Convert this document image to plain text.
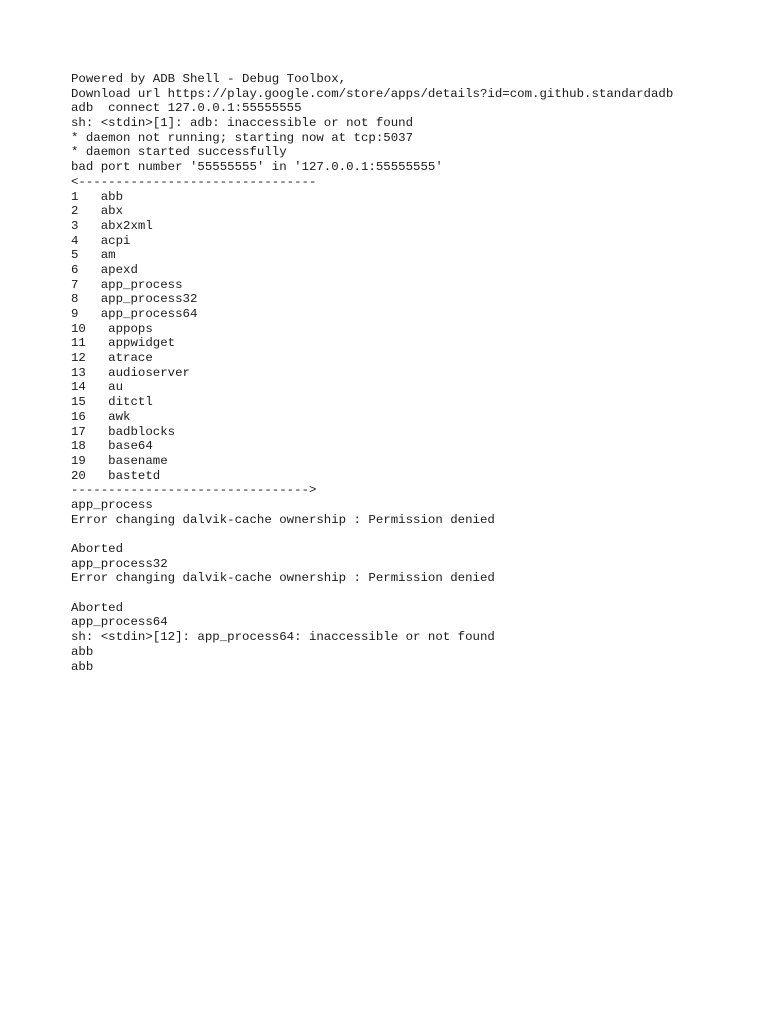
Powered by ADB Shell - Debug Toolbox,
Download url https://play.google.com/store/apps/details?id=com.github.standardadb
adb  connect 127.0.0.1:55555555
sh: <stdin>[1]: adb: inaccessible or not found
* daemon not running; starting now at tcp:5037
* daemon started successfully
bad port number '55555555' in '127.0.0.1:55555555'
<--------------------------------
1   abb
2   abx
3   abx2xml
4   acpi
5   am
6   apexd
7   app_process
8   app_process32
9   app_process64
10   appops
11   appwidget
12   atrace
13   audioserver
14   au
15   ditctl
16   awk
17   badblocks
18   base64
19   basename
20   bastetd
-------------------------------->
app_process
Error changing dalvik-cache ownership : Permission denied
Aborted
app_process32
Error changing dalvik-cache ownership : Permission denied
Aborted
app_process64
sh: <stdin>[12]: app_process64: inaccessible or not found
abb
abb
